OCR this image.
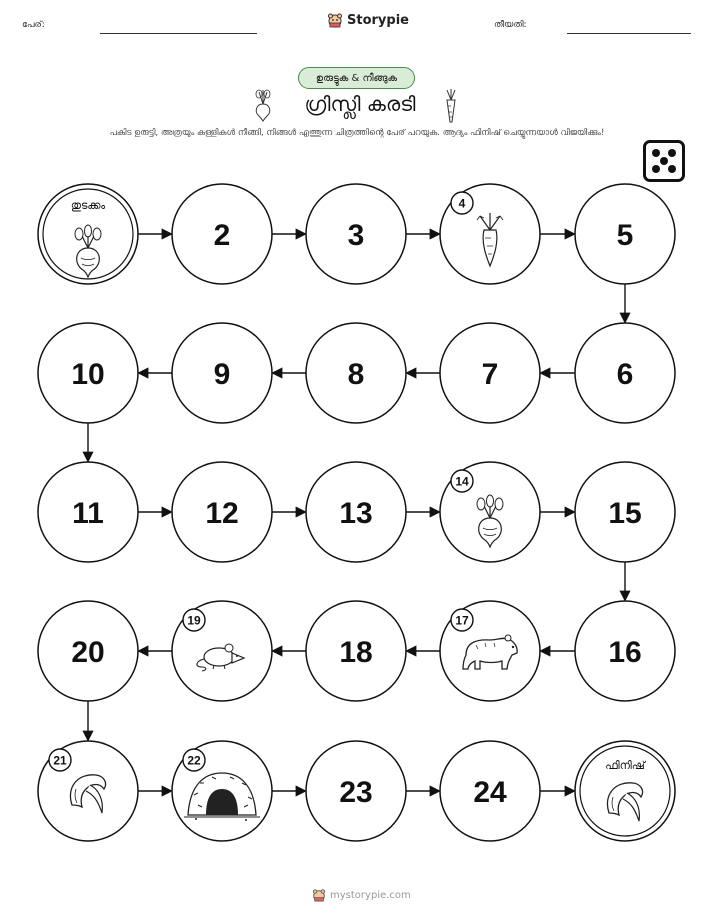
പേര്:	Storypie	തീയതി:
ഉരുട്ടുക & നീങ്ങുക
ഗ്രിസ്ലി കരടി
പകിട ഉരുട്ടി, അത്രയും കള്ളികൾ നീങ്ങി, നിങ്ങൾ എത്തുന്ന ചിത്രത്തിന്റെ പേര് പറയുക. ആദ്യം ഫിനിഷ് ചെയ്യുന്നയാൾ വിജയിക്കും!
തുടക്കം
2	3
4
5
6
7
8
9
10
11	12	13
14
15
16
17
18
19
20
21	22
23	24
ഫിനിഷ്
mystorypie.com
